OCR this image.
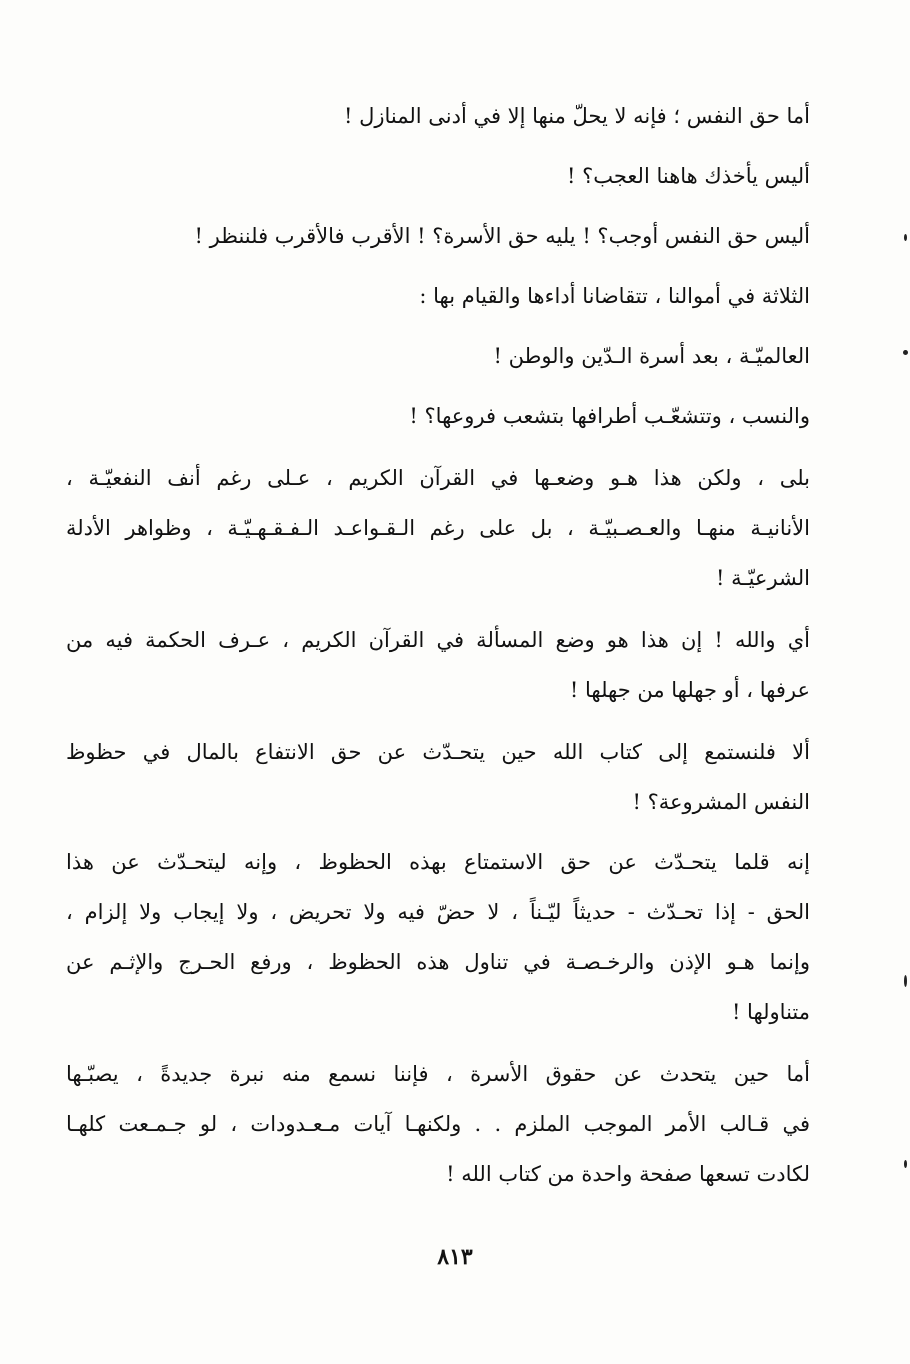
أما حق النفس ؛ فإنه لا يحلّ منها إلا في أدنى المنازل !
أليس يأخذك هاهنا العجب؟ !
أليس حق النفس أوجب؟ ! يليه حق الأسرة؟ ! الأقرب فالأقرب فلننظر !
الثلاثة في أموالنا ، تتقاضانا أداءها والقيام بها :
العالميّـة ، بعد أسرة الـدّين والوطن !
والنسب ، وتتشعّـب أطرافها بتشعب فروعها؟ !
بلى ، ولكن هذا هـو وضعـها في القرآن الكريم ، عـلى رغم أنف النفعيّـة ،
الأنانيـة منهـا والعـصـبيّـة ، بل على رغم الـقـواعـد الـفـقـهـيّـة ، وظواهر الأدلة
الشرعيّـة !
أي والله ! إن هذا هو وضع المسألة في القرآن الكريم ، عـرف الحكمة فيه من
عرفها ، أو جهلها من جهلها !
ألا فلنستمع إلى كتاب الله حين يتحـدّث عن حق الانتفاع بالمال في حظوظ
النفس المشروعة؟ !
إنه قلما يتحـدّث عن حق الاستمتاع بهذه الحظوظ ، وإنه ليتحـدّث عن هذا
الحق - إذا تحـدّث - حديثاً ليّـناً ، لا حضّ فيه ولا تحريض ، ولا إيجاب ولا إلزام ،
وإنما هـو الإذن والرخـصـة في تناول هذه الحظوظ ، ورفع الحـرج والإثـم عن
متناولها !
أما حين يتحدث عن حقوق الأسرة ، فإننا نسمع منه نبرة جديدةً ، يصبّـها
في قـالب الأمر الموجب الملزم . . ولكنهـا آيات مـعـدودات ، لو جـمـعت كلهـا
لكادت تسعها صفحة واحدة من كتاب الله !
٨١٣
